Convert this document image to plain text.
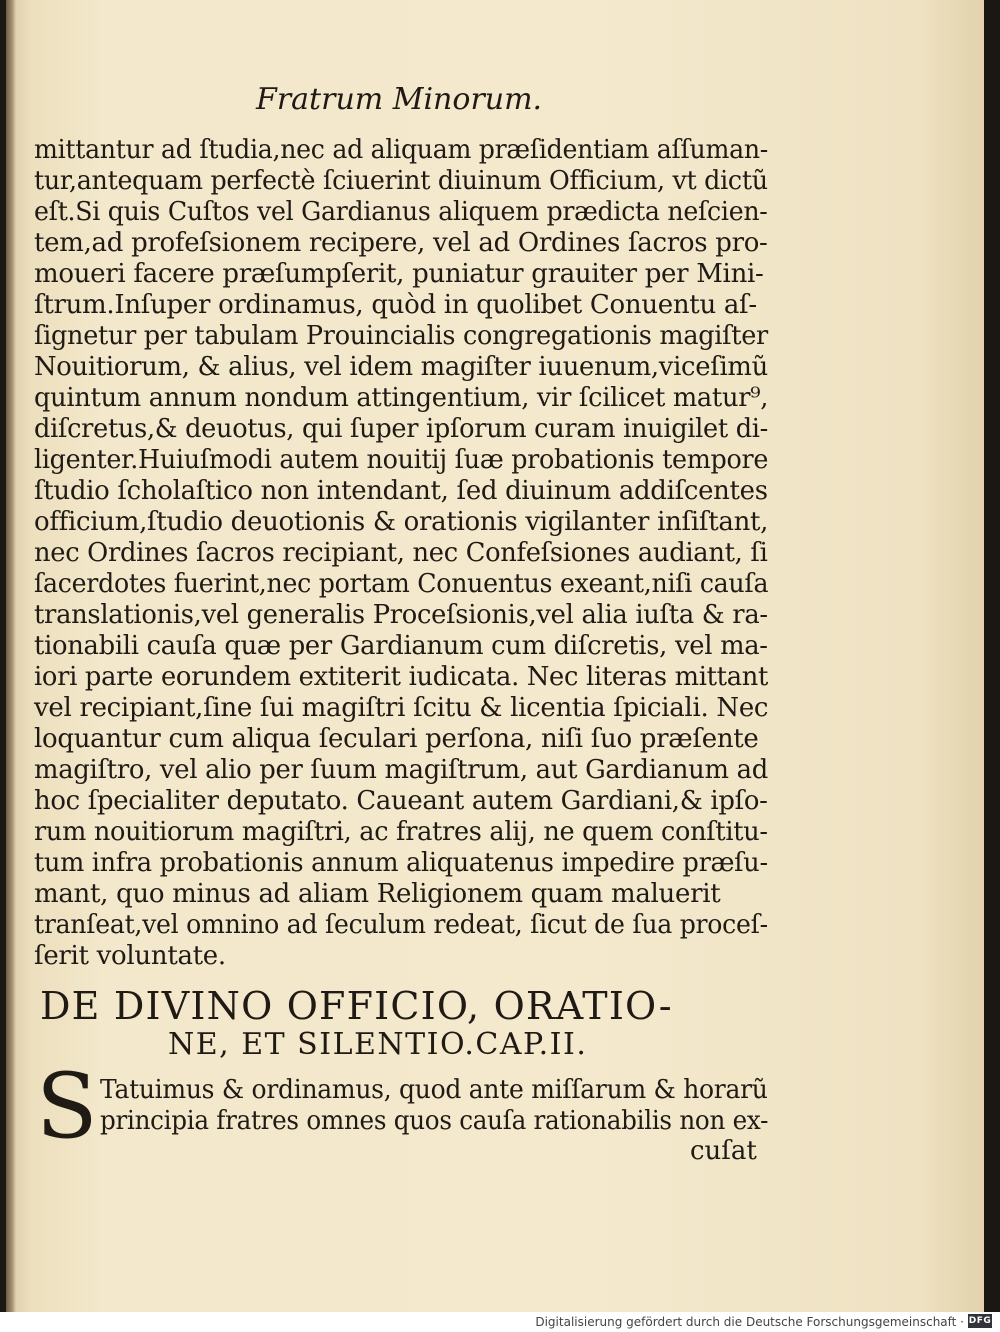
Fratrum Minorum.
mittantur ad ſtudia,nec ad aliquam præſidentiam aſſuman-
tur,antequam perfectè ſciuerint diuinum Officium, vt dictũ
eſt.Si quis Cuſtos vel Gardianus aliquem prædicta neſcien-
tem,ad profeſsionem recipere, vel ad Ordines ſacros pro-
moueri facere præſumpſerit, puniatur grauiter per Mini-
ſtrum.Inſuper ordinamus, quòd in quolibet Conuentu aſ-
ſignetur per tabulam Prouincialis congregationis magiſter
Nouitiorum, & alius, vel idem magiſter iuuenum,viceſimũ
quintum annum nondum attingentium, vir ſcilicet matur⁹,
diſcretus,& deuotus, qui ſuper ipſorum curam inuigilet di-
ligenter.Huiuſmodi autem nouitij ſuæ probationis tempore
ſtudio ſcholaſtico non intendant, ſed diuinum addiſcentes
officium,ſtudio deuotionis & orationis vigilanter inſiſtant,
nec Ordines ſacros recipiant, nec Confeſsiones audiant, ſi
ſacerdotes fuerint,nec portam Conuentus exeant,niſi cauſa
translationis,vel generalis Proceſsionis,vel alia iuſta & ra-
tionabili cauſa quæ per Gardianum cum diſcretis, vel ma-
iori parte eorundem extiterit iudicata. Nec literas mittant
vel recipiant,ſine ſui magiſtri ſcitu & licentia ſpiciali. Nec
loquantur cum aliqua ſeculari perſona, niſi ſuo præſente
magiſtro, vel alio per ſuum magiſtrum, aut Gardianum ad
hoc ſpecialiter deputato. Caueant autem Gardiani,& ipſo-
rum nouitiorum magiſtri, ac fratres alij, ne quem conſtitu-
tum infra probationis annum aliquatenus impedire præſu-
mant, quo minus ad aliam Religionem quam maluerit
tranſeat,vel omnino ad ſeculum redeat, ſicut de ſua proceſ-
ſerit voluntate.
DE DIVINO OFFICIO, ORATIO-
NE, ET SILENTIO.CAP.II.
S Tatuimus & ordinamus, quod ante miſſarum & horarũ
principia fratres omnes quos cauſa rationabilis non ex-
cuſat
Digitalisierung gefördert durch die Deutsche Forschungsgemeinschaft · DFG
